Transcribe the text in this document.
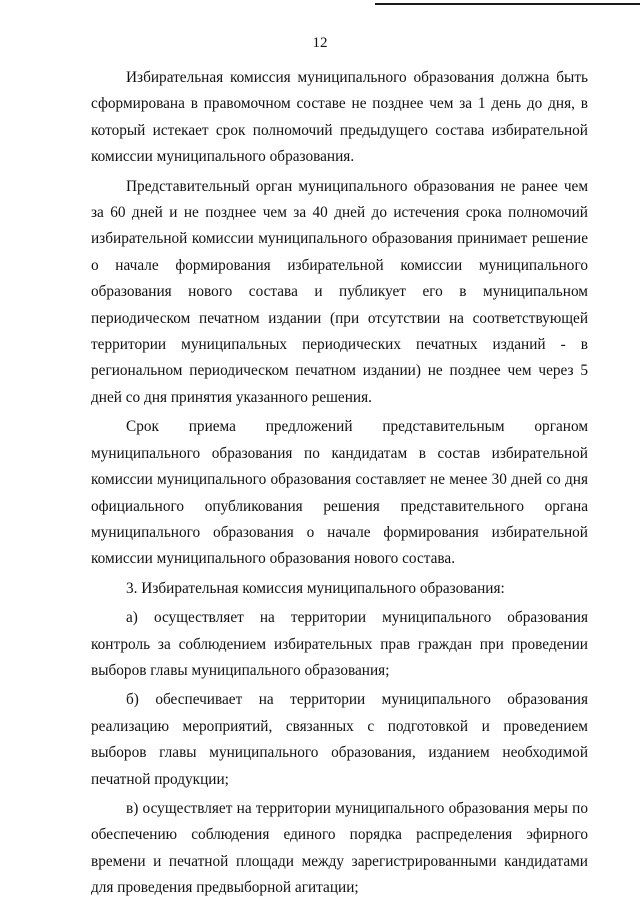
12

Избирательная комиссия муниципального образования должна быть сформирована в правомочном составе не позднее чем за 1 день до дня, в который истекает срок полномочий предыдущего состава избирательной комиссии муниципального образования.

Представительный орган муниципального образования не ранее чем за 60 дней и не позднее чем за 40 дней до истечения срока полномочий избирательной комиссии муниципального образования принимает решение о начале формирования избирательной комиссии муниципального образования нового состава и публикует его в муниципальном периодическом печатном издании (при отсутствии на соответствующей территории муниципальных периодических печатных изданий - в региональном периодическом печатном издании) не позднее чем через 5 дней со дня принятия указанного решения.

Срок приема предложений представительным органом муниципального образования по кандидатам в состав избирательной комиссии муниципального образования составляет не менее 30 дней со дня официального опубликования решения представительного органа муниципального образования о начале формирования избирательной комиссии муниципального образования нового состава.

3. Избирательная комиссия муниципального образования:

а) осуществляет на территории муниципального образования контроль за соблюдением избирательных прав граждан при проведении выборов главы муниципального образования;

б) обеспечивает на территории муниципального образования реализацию мероприятий, связанных с подготовкой и проведением выборов главы муниципального образования, изданием необходимой печатной продукции;

в) осуществляет на территории муниципального образования меры по обеспечению соблюдения единого порядка распределения эфирного времени и печатной площади между зарегистрированными кандидатами для проведения предвыборной агитации;
